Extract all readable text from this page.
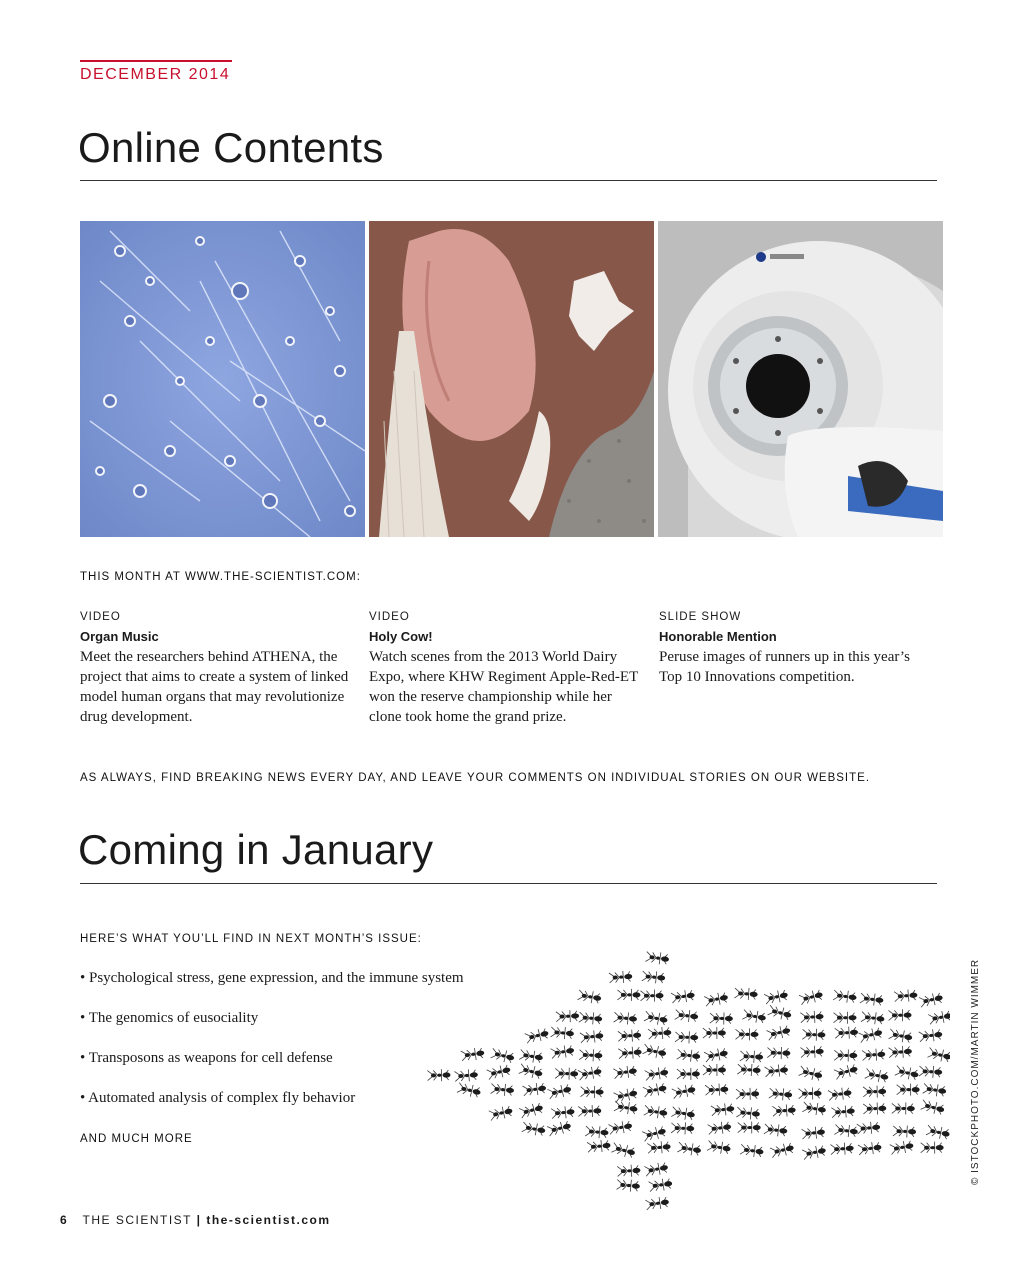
DECEMBER 2014
Online Contents
THIS MONTH AT WWW.THE-SCIENTIST.COM:
VIDEO
Organ Music
Meet the researchers behind ATHENA, the project that aims to create a system of linked model human organs that may revolutionize drug development.
VIDEO
Holy Cow!
Watch scenes from the 2013 World Dairy Expo, where KHW Regiment Apple-Red-ET won the reserve championship while her clone took home the grand prize.
SLIDE SHOW
Honorable Mention
Peruse images of runners up in this year’s Top 10 Innovations competition.
AS ALWAYS, FIND BREAKING NEWS EVERY DAY, AND LEAVE YOUR COMMENTS ON INDIVIDUAL STORIES ON OUR WEBSITE.
Coming in January
HERE’S WHAT YOU’LL FIND IN NEXT MONTH’S ISSUE:
• Psychological stress, gene expression, and the immune system
• The genomics of eusociality
• Transposons as weapons for cell defense
• Automated analysis of complex fly behavior
AND MUCH MORE	© ISTOCKPHOTO.COM/MARTIN WIMMER
6 THE SCIENTIST | the-scientist.com
